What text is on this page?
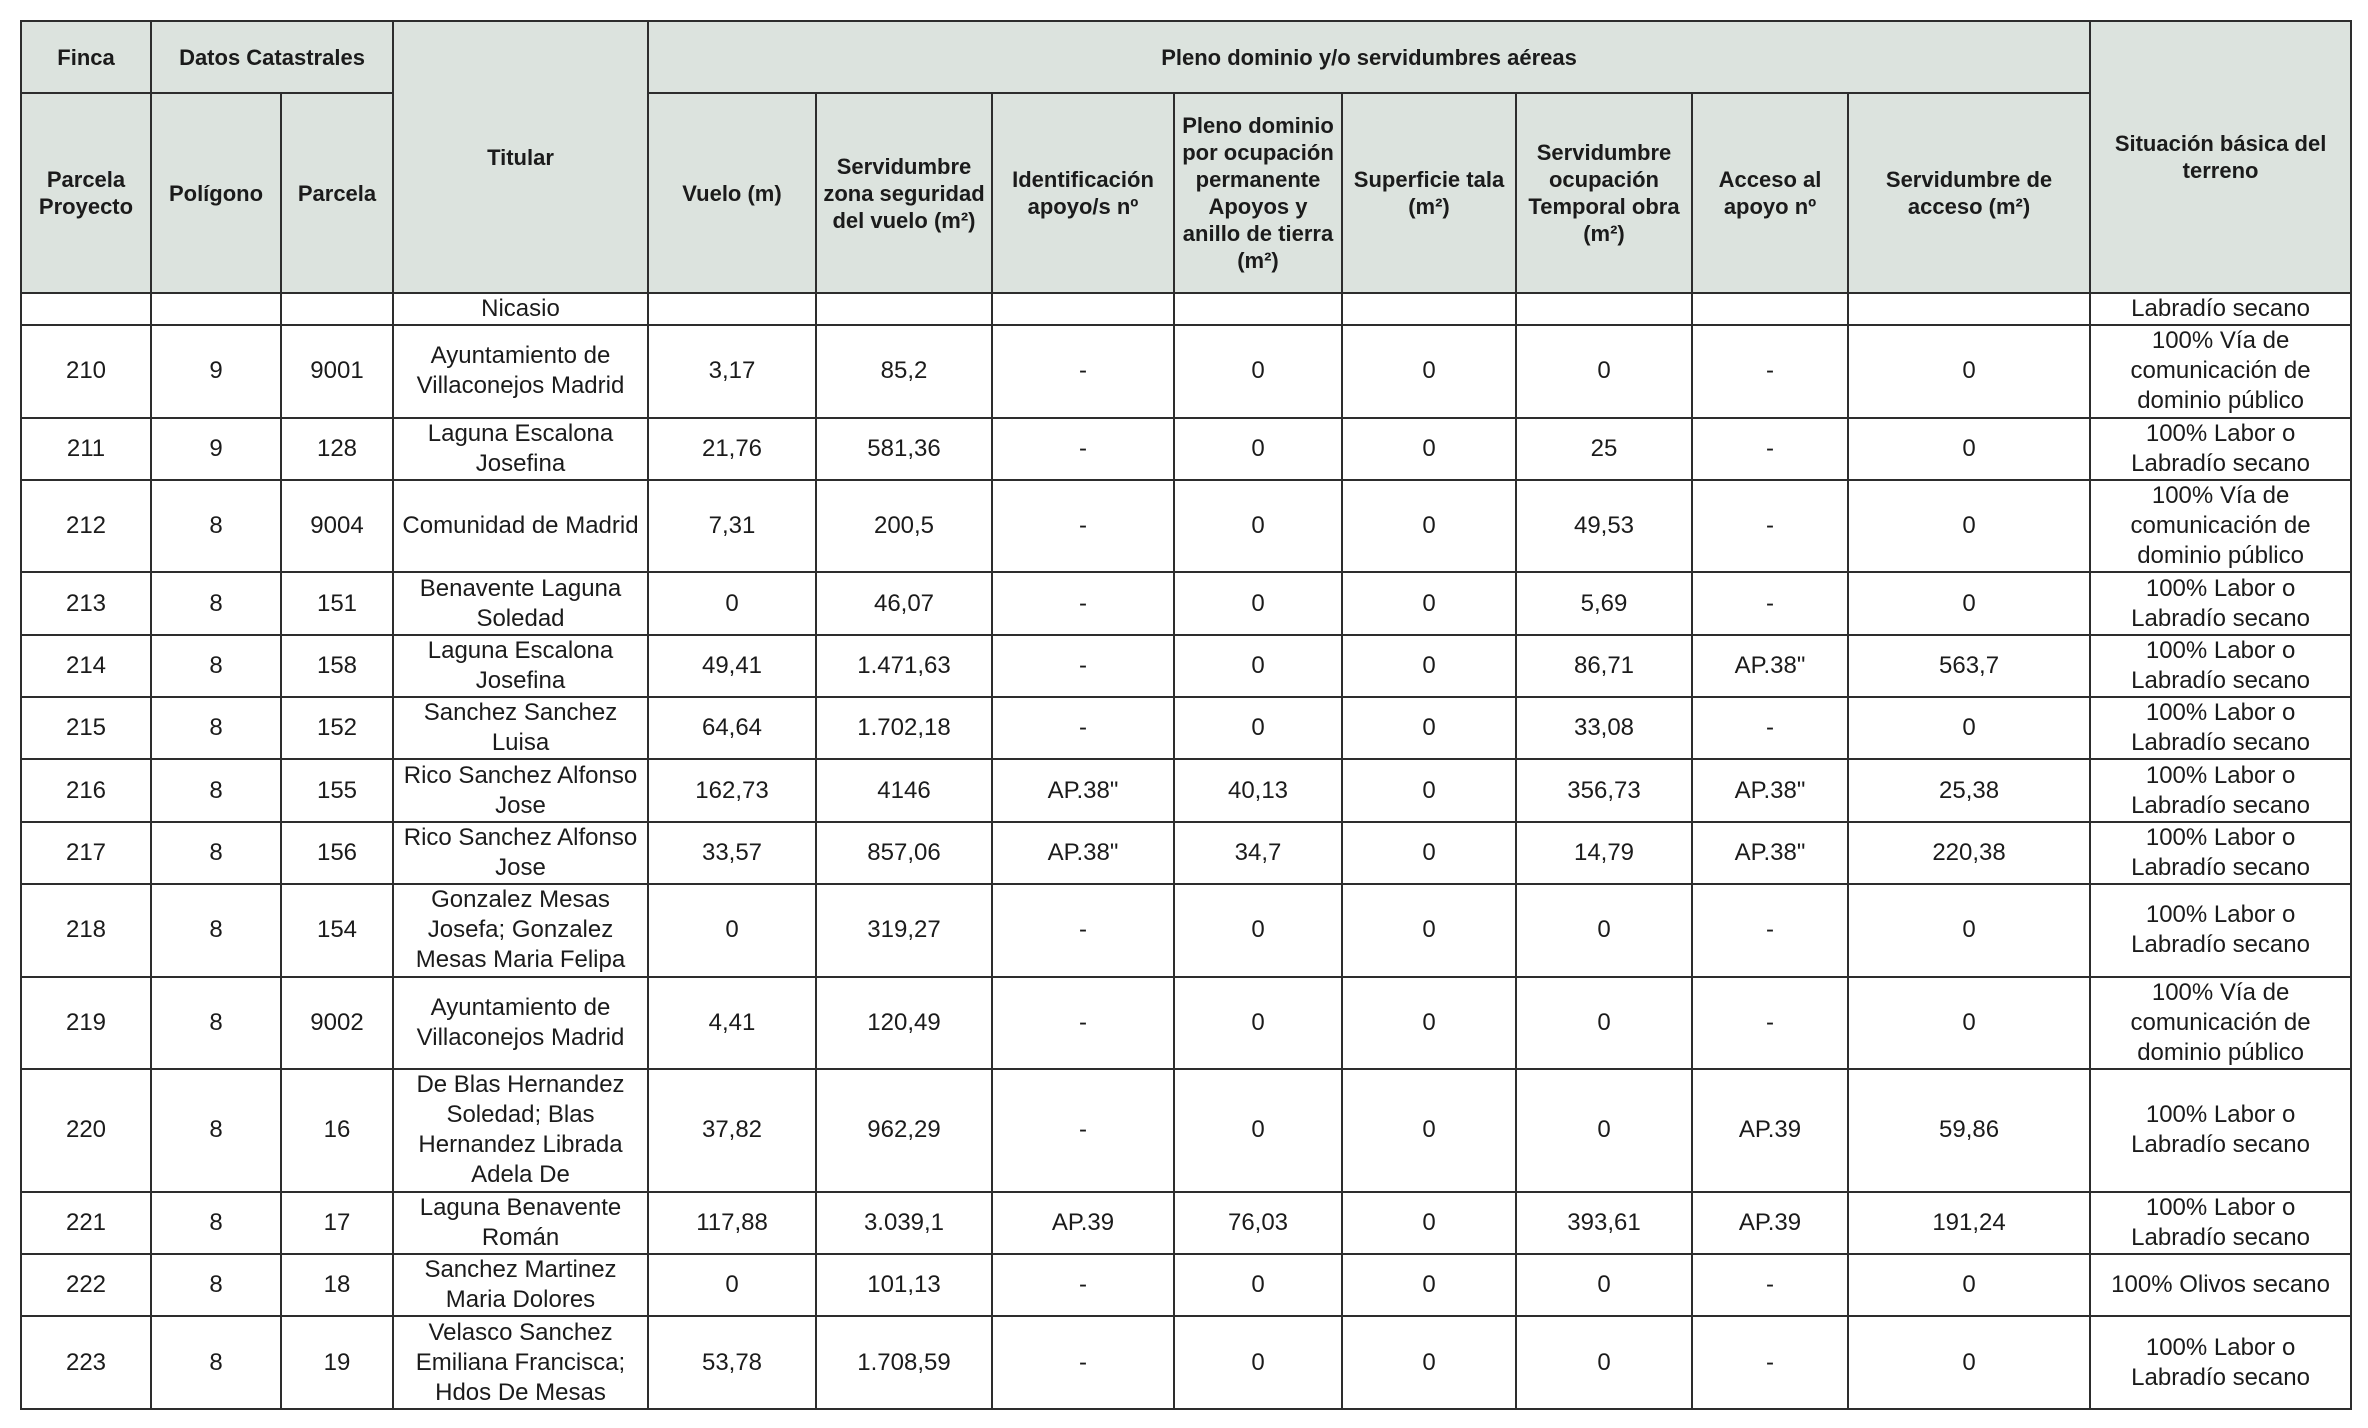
Finca	Datos Catastrales		Titular	Pleno dominio y/o servidumbres aéreas								Situación básica del terreno
Parcela Proyecto	Polígono	Parcela		Vuelo (m)	Servidumbre zona seguridad del vuelo (m²)	Identificación apoyo/s nº	Pleno dominio por ocupación permanente Apoyos y anillo de tierra (m²)	Superficie tala (m²)	Servidumbre ocupación Temporal obra (m²)	Acceso al apoyo nº	Servidumbre de acceso (m²)	
			Nicasio									Labradío secano
210	9	9001	Ayuntamiento de Villaconejos Madrid	3,17	85,2	-	0	0	0	-	0	100% Vía de comunicación de dominio público
211	9	128	Laguna Escalona Josefina	21,76	581,36	-	0	0	25	-	0	100% Labor o Labradío secano
212	8	9004	Comunidad de Madrid	7,31	200,5	-	0	0	49,53	-	0	100% Vía de comunicación de dominio público
213	8	151	Benavente Laguna Soledad	0	46,07	-	0	0	5,69	-	0	100% Labor o Labradío secano
214	8	158	Laguna Escalona Josefina	49,41	1.471,63	-	0	0	86,71	AP.38"	563,7	100% Labor o Labradío secano
215	8	152	Sanchez Sanchez Luisa	64,64	1.702,18	-	0	0	33,08	-	0	100% Labor o Labradío secano
216	8	155	Rico Sanchez Alfonso Jose	162,73	4146	AP.38"	40,13	0	356,73	AP.38"	25,38	100% Labor o Labradío secano
217	8	156	Rico Sanchez Alfonso Jose	33,57	857,06	AP.38"	34,7	0	14,79	AP.38"	220,38	100% Labor o Labradío secano
218	8	154	Gonzalez Mesas Josefa; Gonzalez Mesas Maria Felipa	0	319,27	-	0	0	0	-	0	100% Labor o Labradío secano
219	8	9002	Ayuntamiento de Villaconejos Madrid	4,41	120,49	-	0	0	0	-	0	100% Vía de comunicación de dominio público
220	8	16	De Blas Hernandez Soledad; Blas Hernandez Librada Adela De	37,82	962,29	-	0	0	0	AP.39	59,86	100% Labor o Labradío secano
221	8	17	Laguna Benavente Román	117,88	3.039,1	AP.39	76,03	0	393,61	AP.39	191,24	100% Labor o Labradío secano
222	8	18	Sanchez Martinez Maria Dolores	0	101,13	-	0	0	0	-	0	100% Olivos secano
223	8	19	Velasco Sanchez Emiliana Francisca; Hdos De Mesas	53,78	1.708,59	-	0	0	0	-	0	100% Labor o Labradío secano
